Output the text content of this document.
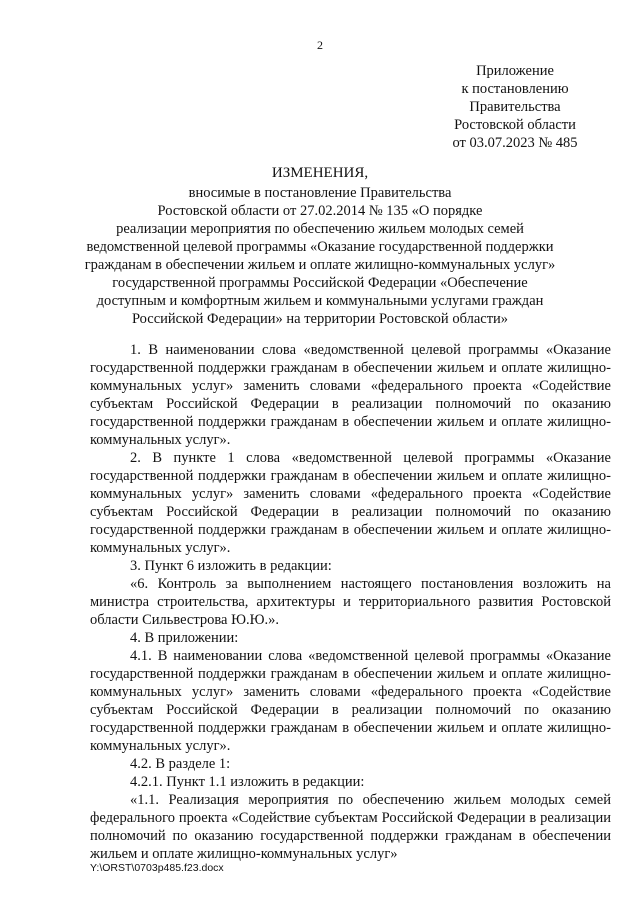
2
Приложение
к постановлению
Правительства
Ростовской области
от 03.07.2023 № 485
ИЗМЕНЕНИЯ,
вносимые в постановление Правительства
Ростовской области от 27.02.2014 № 135 «О порядке
реализации мероприятия по обеспечению жильем молодых семей
ведомственной целевой программы «Оказание государственной поддержки
гражданам в обеспечении жильем и оплате жилищно-коммунальных услуг»
государственной программы Российской Федерации «Обеспечение
доступным и комфортным жильем и коммунальными услугами граждан
Российской Федерации» на территории Ростовской области»

1. В наименовании слова «ведомственной целевой программы «Оказание государственной поддержки гражданам в обеспечении жильем и оплате жилищно-коммунальных услуг» заменить словами «федерального проекта «Содействие субъектам Российской Федерации в реализации полномочий по оказанию государственной поддержки гражданам в обеспечении жильем и оплате жилищно-коммунальных услуг».

2. В пункте 1 слова «ведомственной целевой программы «Оказание государственной поддержки гражданам в обеспечении жильем и оплате жилищно-коммунальных услуг» заменить словами «федерального проекта «Содействие субъектам Российской Федерации в реализации полномочий по оказанию государственной поддержки гражданам в обеспечении жильем и оплате жилищно-коммунальных услуг».

3. Пункт 6 изложить в редакции:

«6. Контроль за выполнением настоящего постановления возложить на министра строительства, архитектуры и территориального развития Ростовской области Сильвестрова Ю.Ю.».

4. В приложении:

4.1. В наименовании слова «ведомственной целевой программы «Оказание государственной поддержки гражданам в обеспечении жильем и оплате жилищно-коммунальных услуг» заменить словами «федерального проекта «Содействие субъектам Российской Федерации в реализации полномочий по оказанию государственной поддержки гражданам в обеспечении жильем и оплате жилищно-коммунальных услуг».

4.2. В разделе 1:

4.2.1. Пункт 1.1 изложить в редакции:

«1.1. Реализация мероприятия по обеспечению жильем молодых семей федерального проекта «Содействие субъектам Российской Федерации в реализации полномочий по оказанию государственной поддержки гражданам в обеспечении жильем и оплате жилищно-коммунальных услуг»

Y:\ORST\0703p485.f23.docx
